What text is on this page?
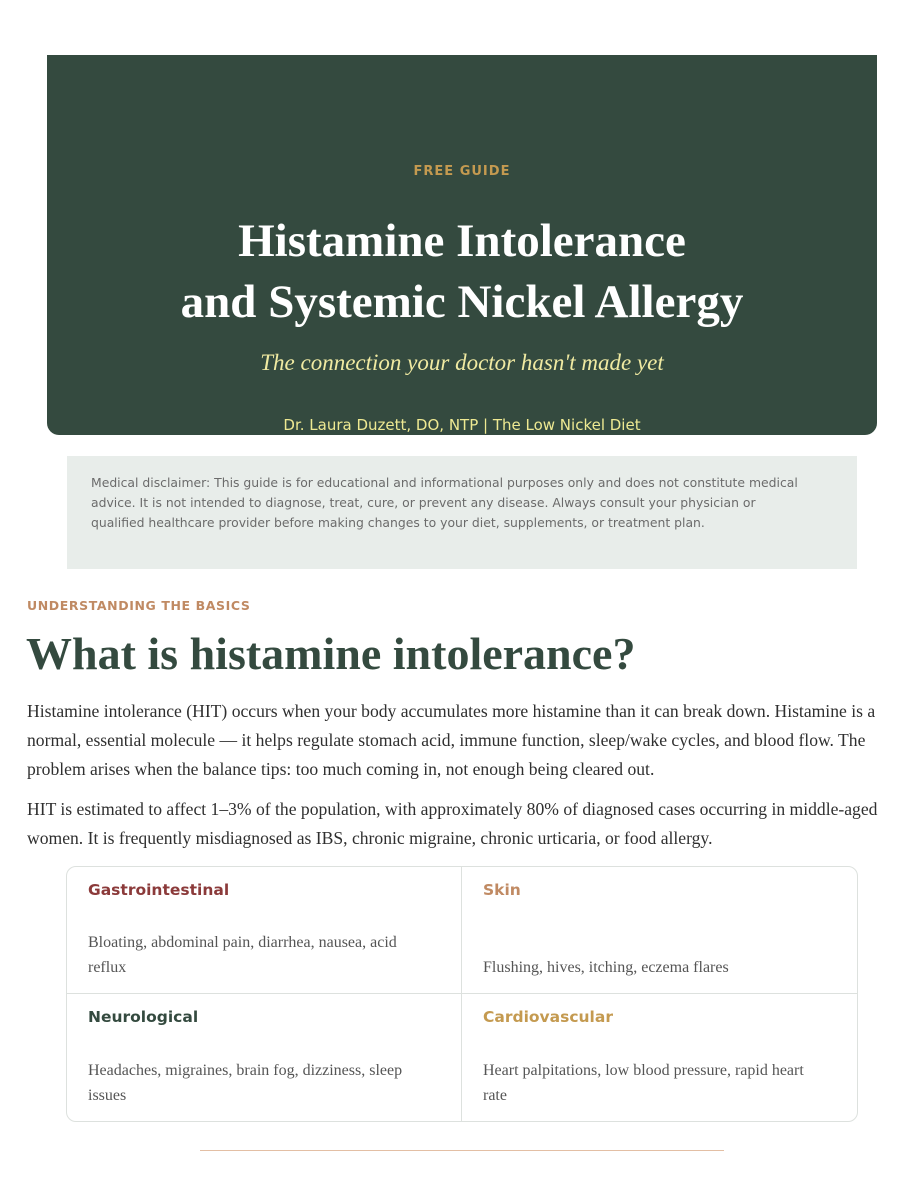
FREE GUIDE
Histamine Intolerance
and Systemic Nickel Allergy
The connection your doctor hasn't made yet
Dr. Laura Duzett, DO, NTP | The Low Nickel Diet
Medical disclaimer: This guide is for educational and informational purposes only and does not constitute medical advice. It is not intended to diagnose, treat, cure, or prevent any disease. Always consult your physician or qualified healthcare provider before making changes to your diet, supplements, or treatment plan.
UNDERSTANDING THE BASICS
What is histamine intolerance?

Histamine intolerance (HIT) occurs when your body accumulates more histamine than it can break down. Histamine is a normal, essential molecule — it helps regulate stomach acid, immune function, sleep/wake cycles, and blood flow. The problem arises when the balance tips: too much coming in, not enough being cleared out.

HIT is estimated to affect 1–3% of the population, with approximately 80% of diagnosed cases occurring in middle-aged women. It is frequently misdiagnosed as IBS, chronic migraine, chronic urticaria, or food allergy.

Gastrointestinal
Bloating, abdominal pain, diarrhea, nausea, acid reflux
Skin
Flushing, hives, itching, eczema flares
Neurological
Headaches, migraines, brain fog, dizziness, sleep issues
Cardiovascular
Heart palpitations, low blood pressure, rapid heart rate
